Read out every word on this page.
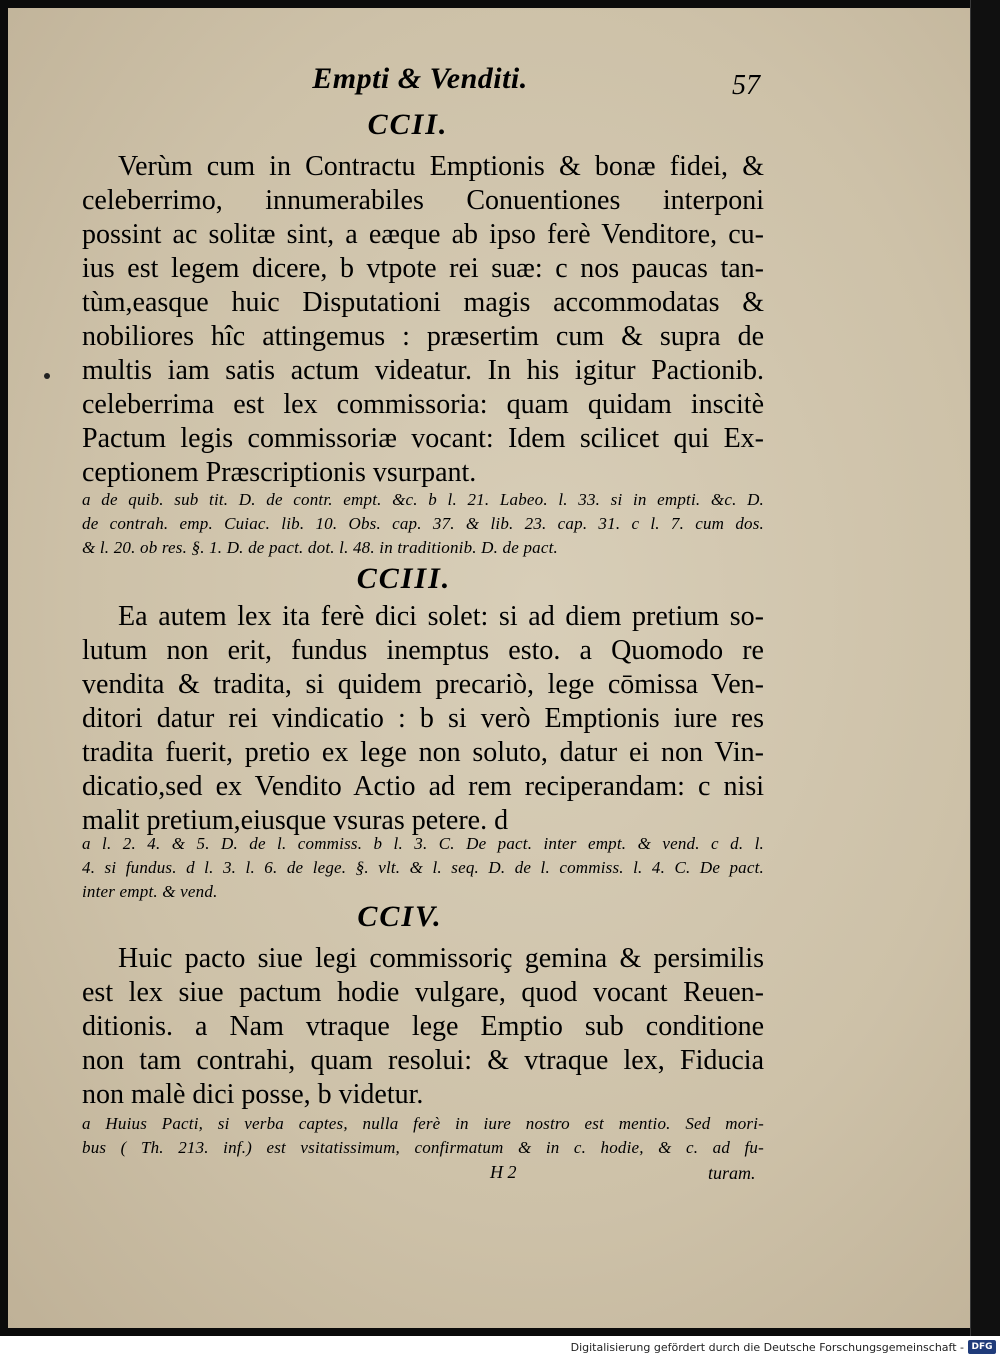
Empti & Venditi.	57
CCII.
Verùm cum in Contractu Emptionis & bonæ fidei, &
celeberrimo, innumerabiles Conuentiones interponi
possint ac solitæ sint, a eæque ab ipso ferè Venditore, cu-
ius est legem dicere, b vtpote rei suæ: c nos paucas tan-
tùm,easque huic Disputationi magis accommodatas &
nobiliores hîc attingemus : præsertim cum & supra de
multis iam satis actum videatur. In his igitur Pactionib.
celeberrima est lex commissoria: quam quidam inscitè
Pactum legis commissoriæ vocant: Idem scilicet qui Ex-
ceptionem Præscriptionis vsurpant.
a de quib. sub tit. D. de contr. empt. &c. b l. 21. Labeo. l. 33. si in empti. &c. D.
de contrah. emp. Cuiac. lib. 10. Obs. cap. 37. & lib. 23. cap. 31. c l. 7. cum dos.
& l. 20. ob res. §. 1. D. de pact. dot. l. 48. in traditionib. D. de pact.
CCIII.
Ea autem lex ita ferè dici solet: si ad diem pretium so-
lutum non erit, fundus inemptus esto. a Quomodo re
vendita & tradita, si quidem precariò, lege cōmissa Ven-
ditori datur rei vindicatio : b si verò Emptionis iure res
tradita fuerit, pretio ex lege non soluto, datur ei non Vin-
dicatio,sed ex Vendito Actio ad rem reciperandam: c nisi
malit pretium,eiusque vsuras petere. d
a l. 2. 4. & 5. D. de l. commiss. b l. 3. C. De pact. inter empt. & vend. c d. l.
4. si fundus. d l. 3. l. 6. de lege. §. vlt. & l. seq. D. de l. commiss. l. 4. C. De pact.
inter empt. & vend.
CCIV.
Huic pacto siue legi commissoriç gemina & persimilis
est lex siue pactum hodie vulgare, quod vocant Reuen-
ditionis. a Nam vtraque lege Emptio sub conditione
non tam contrahi, quam resolui: & vtraque lex, Fiducia
non malè dici posse, b videtur.
a Huius Pacti, si verba captes, nulla ferè in iure nostro est mentio. Sed mori-
bus ( Th. 213. inf.) est vsitatissimum, confirmatum & in c. hodie, & c. ad fu-
H 2	turam.
Digitalisierung gefördert durch die Deutsche Forschungsgemeinschaft - DFG
